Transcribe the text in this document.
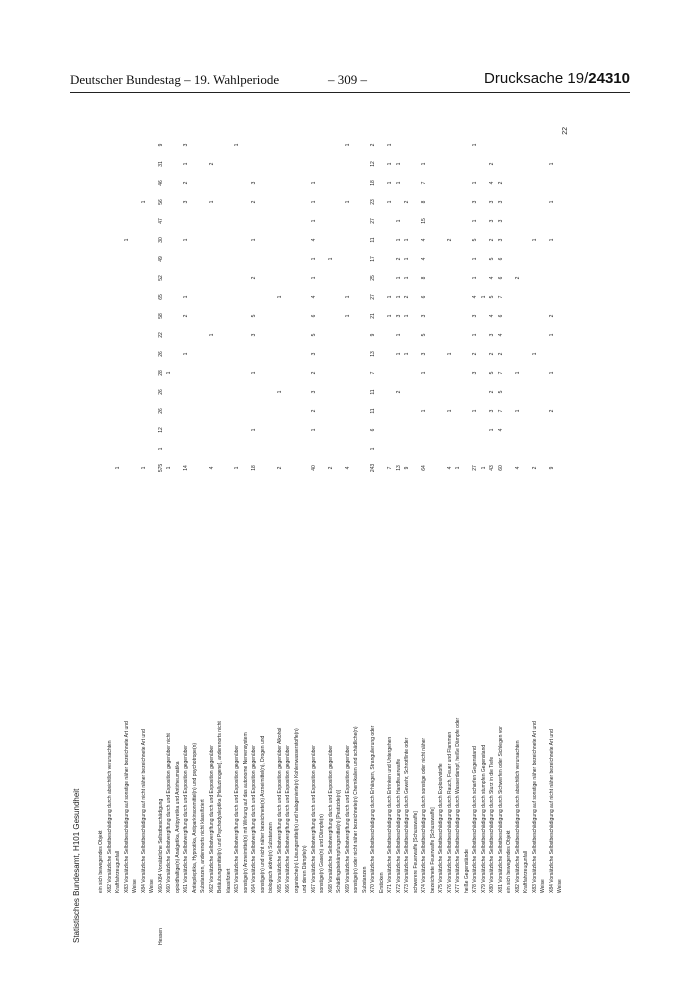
Deutscher Bundestag – 19. Wahlperiode	– 309 –	Drucksache 19/24310
Statistisches Bundesamt, H101 Gesundheit
22
ein sich bewegendes Objekt X82 Vorsätzliche Selbstbeschädigung durch absichtlich verursachten Kraftfahrzeugunfall
1
X83 Vorsätzliche Selbstbeschädigung auf sonstige näher bezeichnete Art und
1
Weise X84 Vorsätzliche Selbstbeschädigung auf nicht näher bezeichnete Art und
1
1
Weise
Hessen
X60-X84 Vorsätzliche Selbstbeschädigung
575
1
12
26
26
28
26
22
58
65
52
49
30
47
56
46
31
9
X60 Vorsätzliche Selbstvergiftung durch und Exposition gegenüber nicht
1
1
opioidhaltige(n) Analgetika, Antipyretika und Antirheumatika X61 Vorsätzliche Selbstvergiftung durch und Exposition gegenüber
14
1
2
1
1
3
2
1
3
Antiepileptika, Hypnotika, Antiparkinsonmittel(n) und psychotrope(n) Substanzen, anderenorts nicht klassifiziert X62 Vorsätzliche Selbstvergiftung durch und Exposition gegenüber
4
1
1
2
Betäubungsmittel(n) und Psychodysleptika [Halluzinogene], anderenorts nicht klassifiziert X63 Vorsätzliche Selbstvergiftung durch und Exposition gegenüber
1
1
sonstige(n) Arzneimittel(n) mit Wirkung auf das autonome Nervensystem X64 Vorsätzliche Selbstvergiftung durch und Exposition gegenüber
18
1
1
3
5
2
1
2
3
sonstige(n) und nicht näher bezeichnete(n) Arzneimittel(n), Drogen und biologisch aktive(n) Substanzen X65 Vorsätzliche Selbstvergiftung durch und Exposition gegenüber Alkohol
2
1
1
X66 Vorsätzliche Selbstvergiftung durch und Exposition gegenüber organische(n) Lösungsmittel(n) und halogenierte(n) Kohlenwasserstoffe(n) und deren Dämpfe(n) X67 Vorsätzliche Selbstvergiftung durch und Exposition gegenüber
40
1
2
3
2
3
5
6
4
1
1
4
1
1
1
sonstige(n) Gase(n) und Dämpfe(n) X68 Vorsätzliche Selbstvergiftung durch und Exposition gegenüber
2
1
Schädlingsbekämpfungsmittel(n) [Pestizide(n)] X69 Vorsätzliche Selbstvergiftung durch und Exposition gegenüber
4
1
1
1
1
sonstige(n) oder nicht näher bezeichnete(n) Chemikalien und schädliche(n) Substanzen X70 Vorsätzliche Selbstbeschädigung durch Erhängen, Strangulierung oder
243
1
6
11
11
7
13
9
21
27
25
17
11
27
23
18
12
2
Ersticken X71 Vorsätzliche Selbstbeschädigung durch Ertrinken und Untergehen
7
1
1
1
1
1
1
X72 Vorsätzliche Selbstbeschädigung durch Handfeuerwaffe
13
2
1
1
3
1
1
2
1
1
1
1
X73 Vorsätzliche Selbstbeschädigung durch Gewehr, Schrotflinte oder
9
1
1
2
1
1
1
2
schwerere Feuerwaffe [Schusswaffe] X74 Vorsätzliche Selbstbeschädigung durch sonstige oder nicht näher
64
1
1
3
5
3
6
8
4
4
15
8
7
1
bezeichnete Feuerwaffe [Schusswaffe] X75 Vorsätzliche Selbstbeschädigung durch Explosivstoffe X76 Vorsätzliche Selbstbeschädigung durch Rauch, Feuer und Flammen
4
1
1
2
X77 Vorsätzliche Selbstbeschädigung durch Wasserdampf, heiße Dämpfe oder
1
heiße Gegenstände X78 Vorsätzliche Selbstbeschädigung durch scharfen Gegenstand
27
1
3
2
1
3
4
1
1
5
1
3
1
1
X79 Vorsätzliche Selbstbeschädigung durch stumpfen Gegenstand
1
1
X80 Vorsätzliche Selbstbeschädigung durch Sturz in die Tiefe
43
1
3
2
5
2
3
4
5
4
5
2
3
3
4
2
X81 Vorsätzliche Selbstbeschädigung durch Sichwerfen oder Sichlegen vor
60
4
7
5
7
2
4
6
7
6
6
3
3
3
2
ein sich bewegendes Objekt X82 Vorsätzliche Selbstbeschädigung durch absichtlich verursachten
4
1
1
2
Kraftfahrzeugunfall X83 Vorsätzliche Selbstbeschädigung auf sonstige näher bezeichnete Art und
2
1
1
Weise X84 Vorsätzliche Selbstbeschädigung auf nicht näher bezeichnete Art und
9
2
1
1
2
1
1
1
Weise
